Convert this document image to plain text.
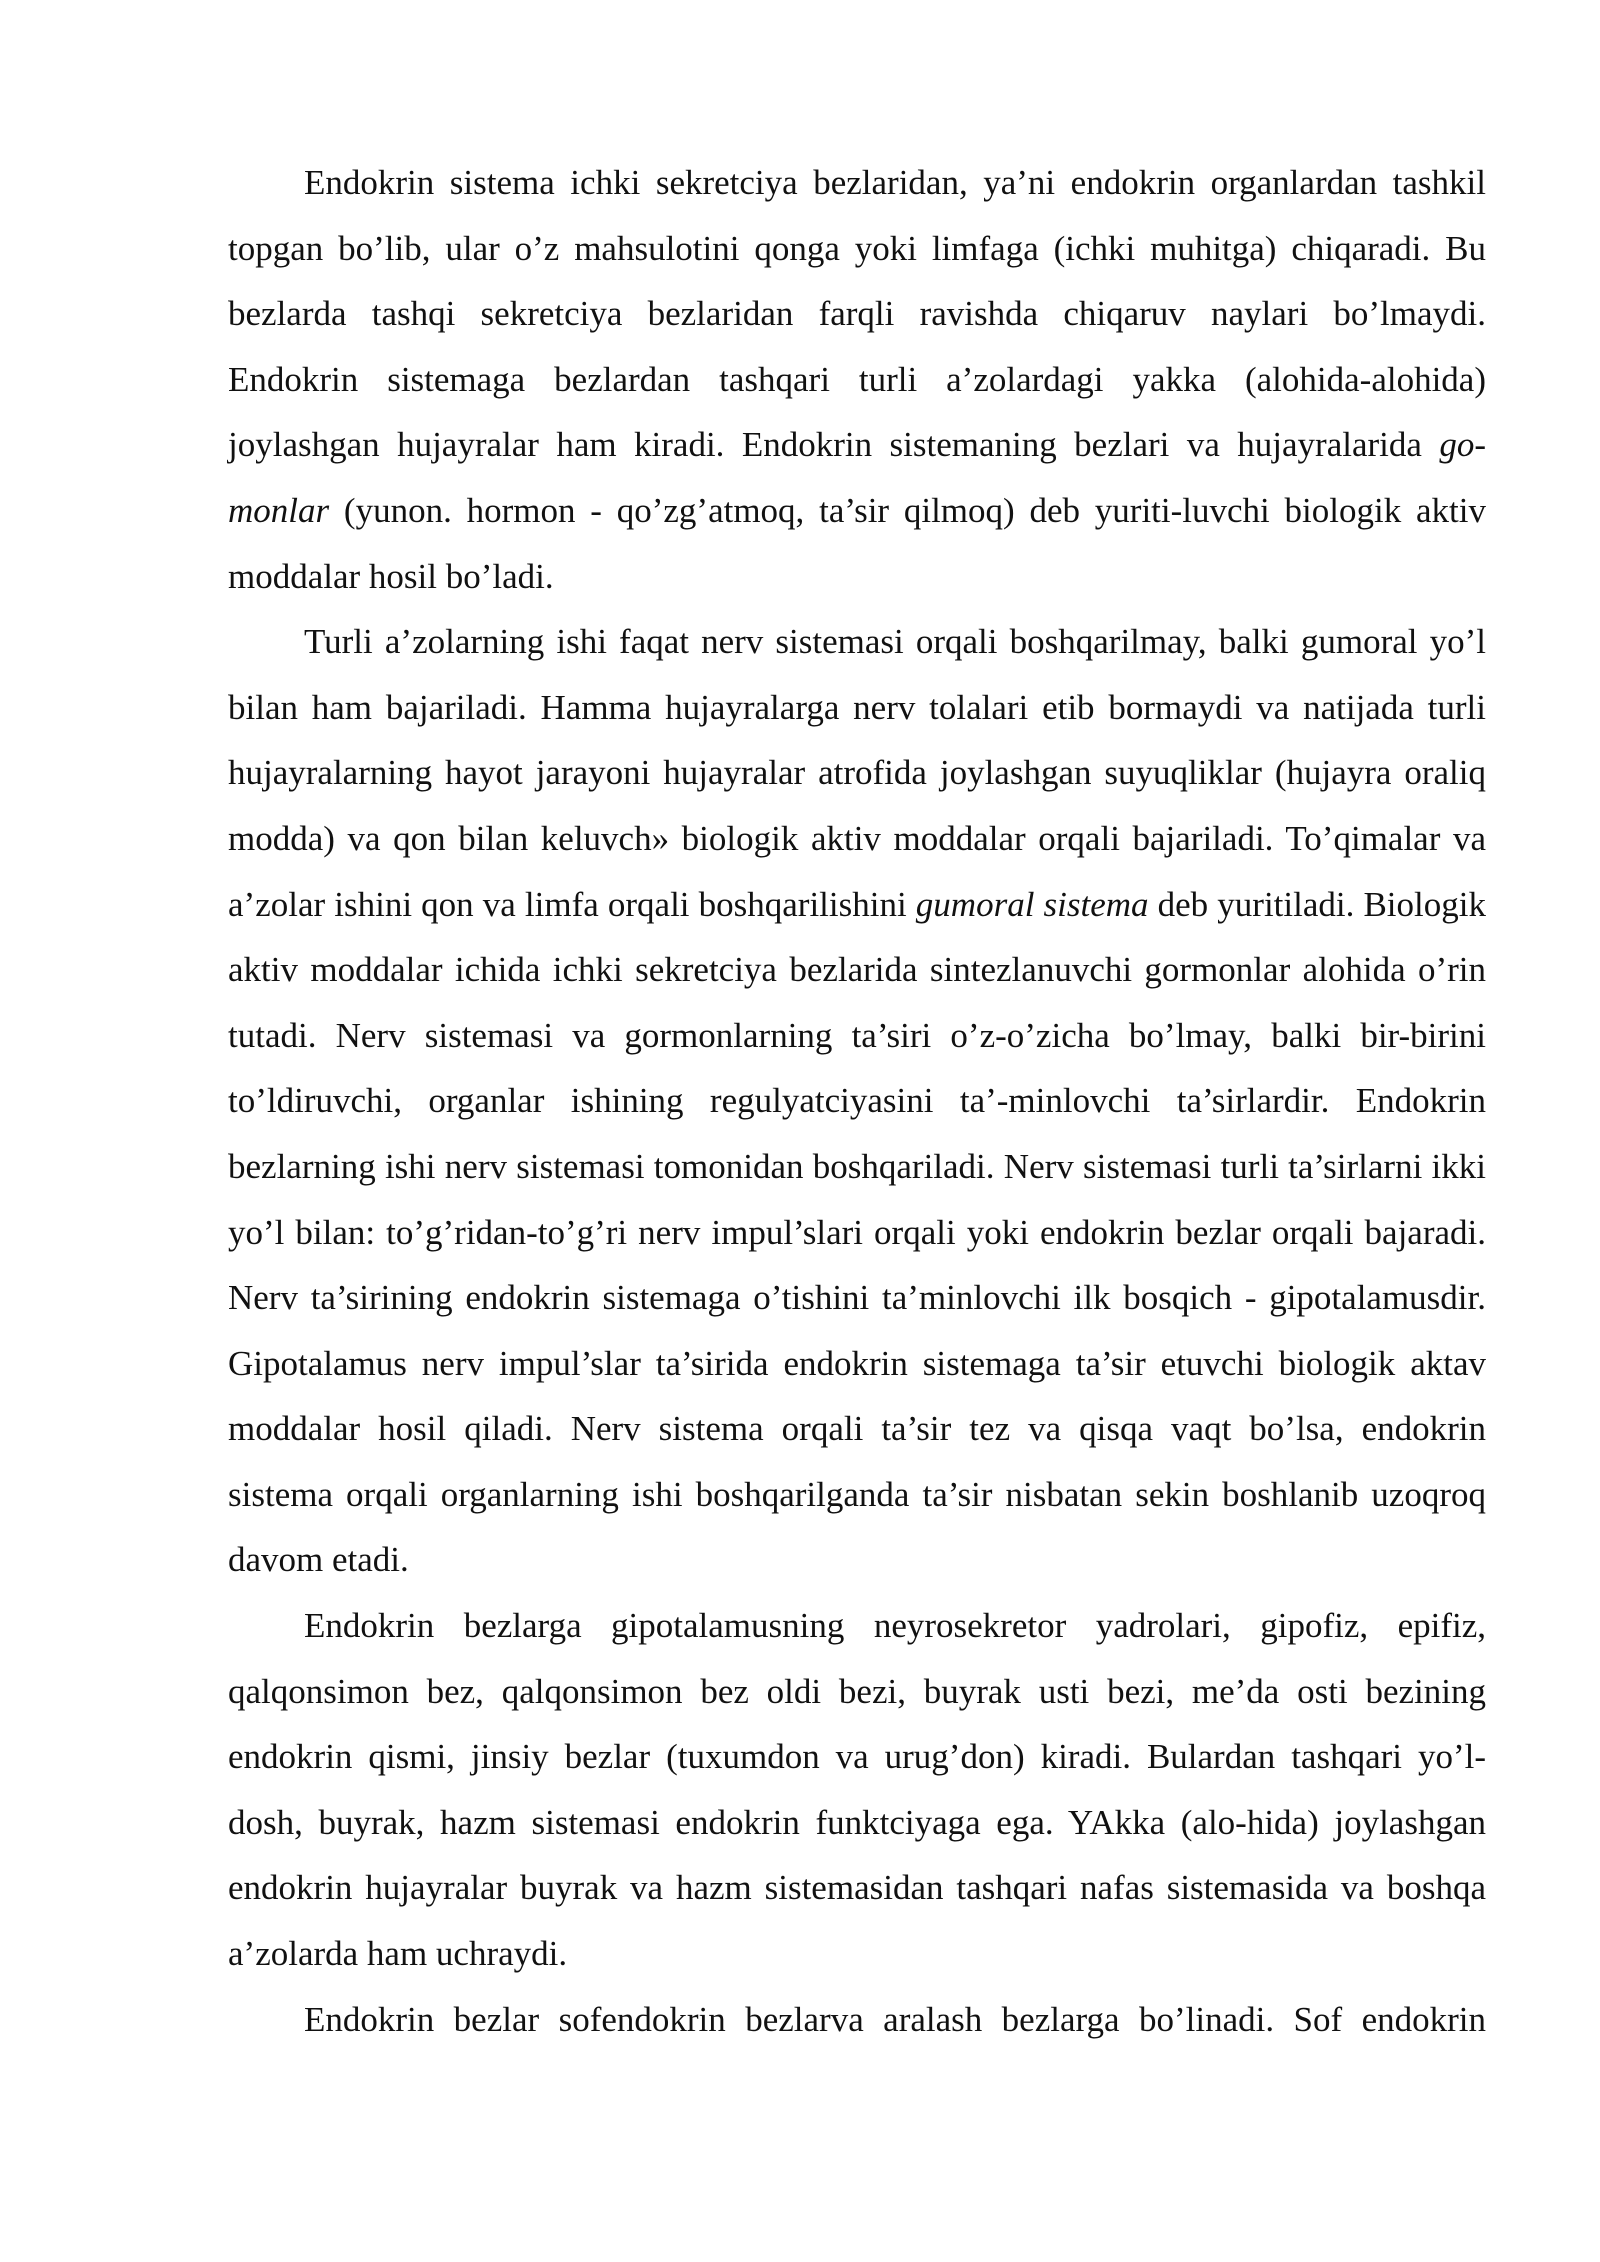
Endokrin sistema ichki sekretciya bezlaridan, ya’ni endokrin organlardan tashkil topgan bo’lib, ular o’z mahsulotini qonga yoki limfaga (ichki muhitga) chiqaradi. Bu bezlarda tashqi sekretciya bezlaridan farqli ravishda chiqaruv naylari bo’lmaydi. Endokrin sistemaga bezlardan tashqari turli a’zolardagi yakka (alohida-alohida) joylashgan hujayralar ham kiradi. Endokrin sistemaning bezlari va hujayralarida go-monlar (yunon. hormon - qo’zg’atmoq, ta’sir qilmoq) deb yuriti-luvchi biologik aktiv moddalar hosil bo’ladi.

Turli a’zolarning ishi faqat nerv sistemasi orqali boshqarilmay, balki gumoral yo’l bilan ham bajariladi. Hamma hujayralarga nerv tolalari etib bormaydi va natijada turli hujayralarning hayot jarayoni hujayralar atrofida joylashgan suyuqliklar (hujayra oraliq modda) va qon bilan keluvch» biologik aktiv moddalar orqali bajariladi. To’qimalar va a’zolar ishini qon va limfa orqali boshqarilishini gumoral sistema deb yuritiladi. Biologik aktiv moddalar ichida ichki sekretciya bezlarida sintezlanuvchi gormonlar alohida o’rin tutadi. Nerv sistemasi va gormonlarning ta’siri o’z-o’zicha bo’lmay, balki bir-birini to’ldiruvchi, organlar ishining regulyatciyasini ta’-minlovchi ta’sirlardir. Endokrin bezlarning ishi nerv sistemasi tomonidan boshqariladi. Nerv sistemasi turli ta’sirlarni ikki yo’l bilan: to’g’ridan-to’g’ri nerv impul’slari orqali yoki endokrin bezlar orqali bajaradi. Nerv ta’sirining endokrin sistemaga o’tishini ta’minlovchi ilk bosqich - gipotalamusdir. Gipotalamus nerv impul’slar ta’sirida endokrin sistemaga ta’sir etuvchi biologik aktav moddalar hosil qiladi. Nerv sistema orqali ta’sir tez va qisqa vaqt bo’lsa, endokrin sistema orqali organlarning ishi boshqarilganda ta’sir nisbatan sekin boshlanib uzoqroq davom etadi.

Endokrin bezlarga gipotalamusning neyrosekretor yadrolari, gipofiz, epifiz, qalqonsimon bez, qalqonsimon bez oldi bezi, buyrak usti bezi, me’da osti bezining endokrin qismi, jinsiy bezlar (tuxumdon va urug’don) kiradi. Bulardan tashqari yo’l-dosh, buyrak, hazm sistemasi endokrin funktciyaga ega. YAkka (alo-hida) joylashgan endokrin hujayralar buyrak va hazm sistemasidan tashqari nafas sistemasida va boshqa a’zolarda ham uchraydi.

Endokrin bezlar sofendokrin bezlarva aralash bezlarga bo’linadi. Sof endokrin
